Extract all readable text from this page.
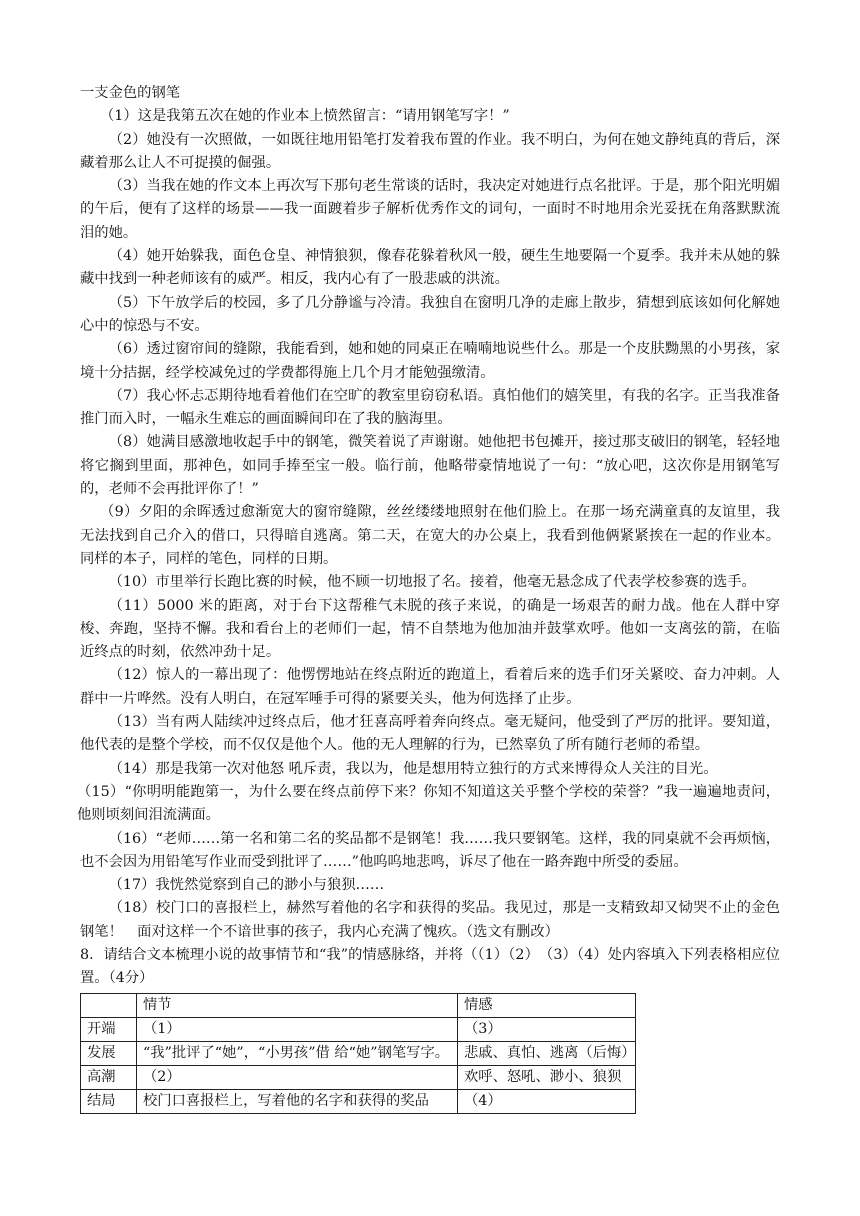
一支金色的钢笔

（1）这是我第五次在她的作业本上愤然留言：“请用钢笔写字！”

（2）她没有一次照做，一如既往地用铅笔打发着我布置的作业。我不明白，为何在她文静纯真的背后，深藏着那么让人不可捉摸的倔强。

（3）当我在她的作文本上再次写下那句老生常谈的话时，我决定对她进行点名批评。于是，那个阳光明媚的午后，便有了这样的场景——我一面踱着步子解析优秀作文的词句，一面时不时地用余光妥抚在角落默默流泪的她。

（4）她开始躲我，面色仓皇、神情狼狈，像春花躲着秋风一般，硬生生地要隔一个夏季。我并未从她的躲藏中找到一种老师该有的威严。相反，我内心有了一股悲戚的洪流。

（5）下午放学后的校园，多了几分静谧与冷清。我独自在窗明几净的走廊上散步，猜想到底该如何化解她心中的惊恐与不安。

（6）透过窗帘间的缝隙，我能看到，她和她的同桌正在喃喃地说些什么。那是一个皮肤黝黑的小男孩，家境十分拮据，经学校减免过的学费都得施上几个月才能勉强缴清。

（7）我心怀忐忑期待地看着他们在空旷的教室里窃窃私语。真怕他们的嬉笑里，有我的名字。正当我准备推门而入时，一幅永生难忘的画面瞬间印在了我的脑海里。

（8）她满目感激地收起手中的钢笔，微笑着说了声谢谢。她他把书包摊开，接过那支破旧的钢笔，轻轻地将它搁到里面，那神色，如同手捧至宝一般。临行前，他略带豪情地说了一句：“放心吧，这次你是用钢笔写的，老师不会再批评你了！”

（9）夕阳的余晖透过愈渐宽大的窗帘缝隙，丝丝缕缕地照射在他们脸上。在那一场充满童真的友谊里，我无法找到自己介入的借口，只得暗自逃离。第二天，在宽大的办公桌上，我看到他俩紧紧挨在一起的作业本。同样的本子，同样的笔色，同样的日期。

（10）市里举行长跑比赛的时候，他不顾一切地报了名。接着，他毫无悬念成了代表学校参赛的选手。

（11）5000 米的距离，对于台下这帮稚气未脱的孩子来说，的确是一场艰苦的耐力战。他在人群中穿梭、奔跑，坚持不懈。我和看台上的老师们一起，情不自禁地为他加油并鼓掌欢呼。他如一支离弦的箭，在临近终点的时刻，依然冲劲十足。

（12）惊人的一幕出现了：他愣愣地站在终点附近的跑道上，看着后来的选手们牙关紧咬、奋力冲刺。人群中一片哗然。没有人明白，在冠军唾手可得的紧要关头，他为何选择了止步。

（13）当有两人陆续冲过终点后，他才狂喜高呼着奔向终点。毫无疑问，他受到了严厉的批评。要知道，他代表的是整个学校，而不仅仅是他个人。他的无人理解的行为，已然辜负了所有随行老师的希望。

（14）那是我第一次对他怒 吼斥责，我以为，他是想用特立独行的方式来博得众人关注的目光。

（15）“你明明能跑第一，为什么要在终点前停下来？你知不知道这关乎整个学校的荣誉？”我一遍遍地责问，他则顷刻间泪流满面。

（16）“老师……第一名和第二名的奖品都不是钢笔！我……我只要钢笔。这样，我的同桌就不会再烦恼，也不会因为用铅笔写作业而受到批评了……”他呜呜地悲鸣，诉尽了他在一路奔跑中所受的委屈。

（17）我恍然觉察到自己的渺小与狼狈……

（18）校门口的喜报栏上，赫然写着他的名字和获得的奖品。我见过，那是一支精致却又恸哭不止的金色钢笔！　面对这样一个不谙世事的孩子，我内心充满了愧疚。（选文有删改）

8．请结合文本梳理小说的故事情节和“我”的情感脉络，并将（（1）（2）　（3）（4）处内容填入下列表格相应位置。（4分）

	情节	情感
开端	（1）	（3）
发展	“我”批评了“她”，“小男孩”借 给“她”钢笔写字。	悲戚、真怕、逃离（后悔）
高潮	（2）	欢呼、怒吼、渺小、狼狈
结局	校门口喜报栏上，写着他的名字和获得的奖品	（4）
